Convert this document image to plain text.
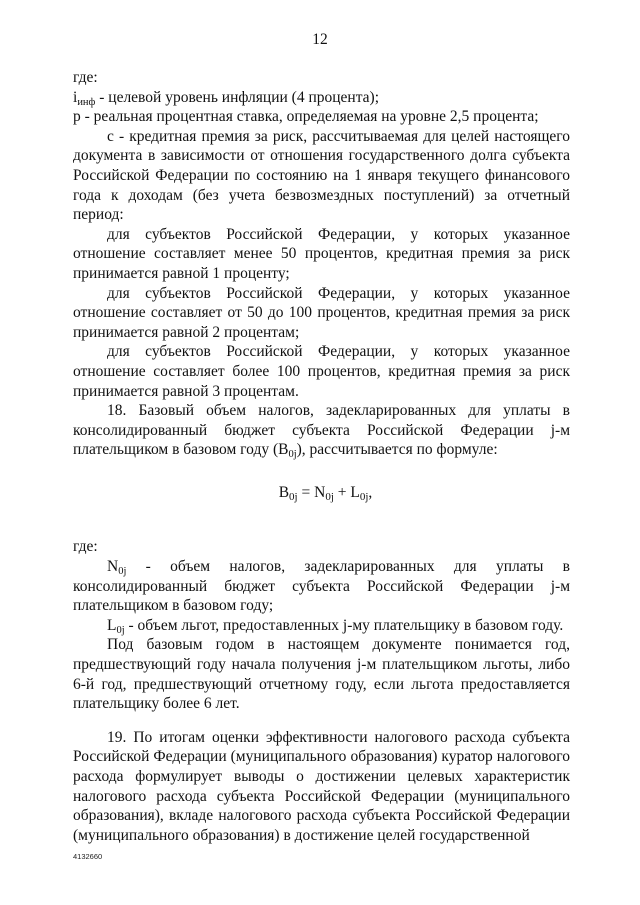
12

где:

$i_{инф}$ - целевой уровень инфляции (4 процента);

p - реальная процентная ставка, определяемая на уровне 2,5 процента;

c - кредитная премия за риск, рассчитываемая для целей настоящего документа в зависимости от отношения государственного долга субъекта Российской Федерации по состоянию на 1 января текущего финансового года к доходам (без учета безвозмездных поступлений) за отчетный период:

для субъектов Российской Федерации, у которых указанное отношение составляет менее 50 процентов, кредитная премия за риск принимается равной 1 проценту;

для субъектов Российской Федерации, у которых указанное отношение составляет от 50 до 100 процентов, кредитная премия за риск принимается равной 2 процентам;

для субъектов Российской Федерации, у которых указанное отношение составляет более 100 процентов, кредитная премия за риск принимается равной 3 процентам.

18. Базовый объем налогов, задекларированных для уплаты в консолидированный бюджет субъекта Российской Федерации j-м плательщиком в базовом году $(B_{0j})$, рассчитывается по формуле:

$B_{0j} = N_{0j} + L_{0j}$,

где:

$N_{0j}$ - объем налогов, задекларированных для уплаты в консолидированный бюджет субъекта Российской Федерации j-м плательщиком в базовом году;

$L_{0j}$ - объем льгот, предоставленных j-му плательщику в базовом году.

Под базовым годом в настоящем документе понимается год, предшествующий году начала получения j-м плательщиком льготы, либо 6-й год, предшествующий отчетному году, если льгота предоставляется плательщику более 6 лет.

19. По итогам оценки эффективности налогового расхода субъекта Российской Федерации (муниципального образования) куратор налогового расхода формулирует выводы о достижении целевых характеристик налогового расхода субъекта Российской Федерации (муниципального образования), вкладе налогового расхода субъекта Российской Федерации (муниципального образования) в достижение целей государственной

4132660
